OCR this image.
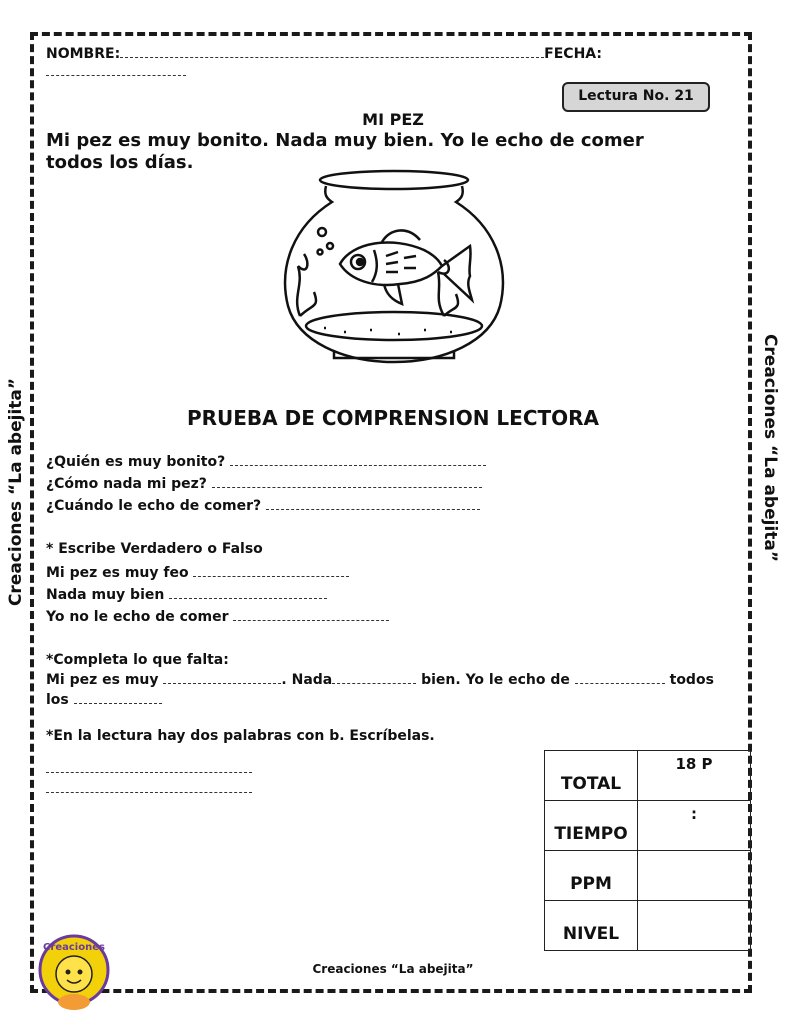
NOMBRE:	FECHA:
Lectura No. 21
MI PEZ
Mi pez es muy bonito. Nada muy bien. Yo le echo de comer todos los días.
PRUEBA DE COMPRENSION LECTORA
¿Quién es muy bonito?
¿Cómo nada mi pez?
¿Cuándo le echo de comer?
* Escribe Verdadero o Falso
Mi pez es muy feo
Nada muy bien
Yo no le echo de comer
*Completa lo que falta:
Mi pez es muy	. Nada	bien. Yo le echo de	todos
los
*En la lectura hay dos palabras con b. Escríbelas.
TOTAL	18 P
TIEMPO	:
PPM	
NIVEL	
Creaciones “La abejita”	Creaciones “La abejita”
Creaciones
Creaciones “La abejita”
